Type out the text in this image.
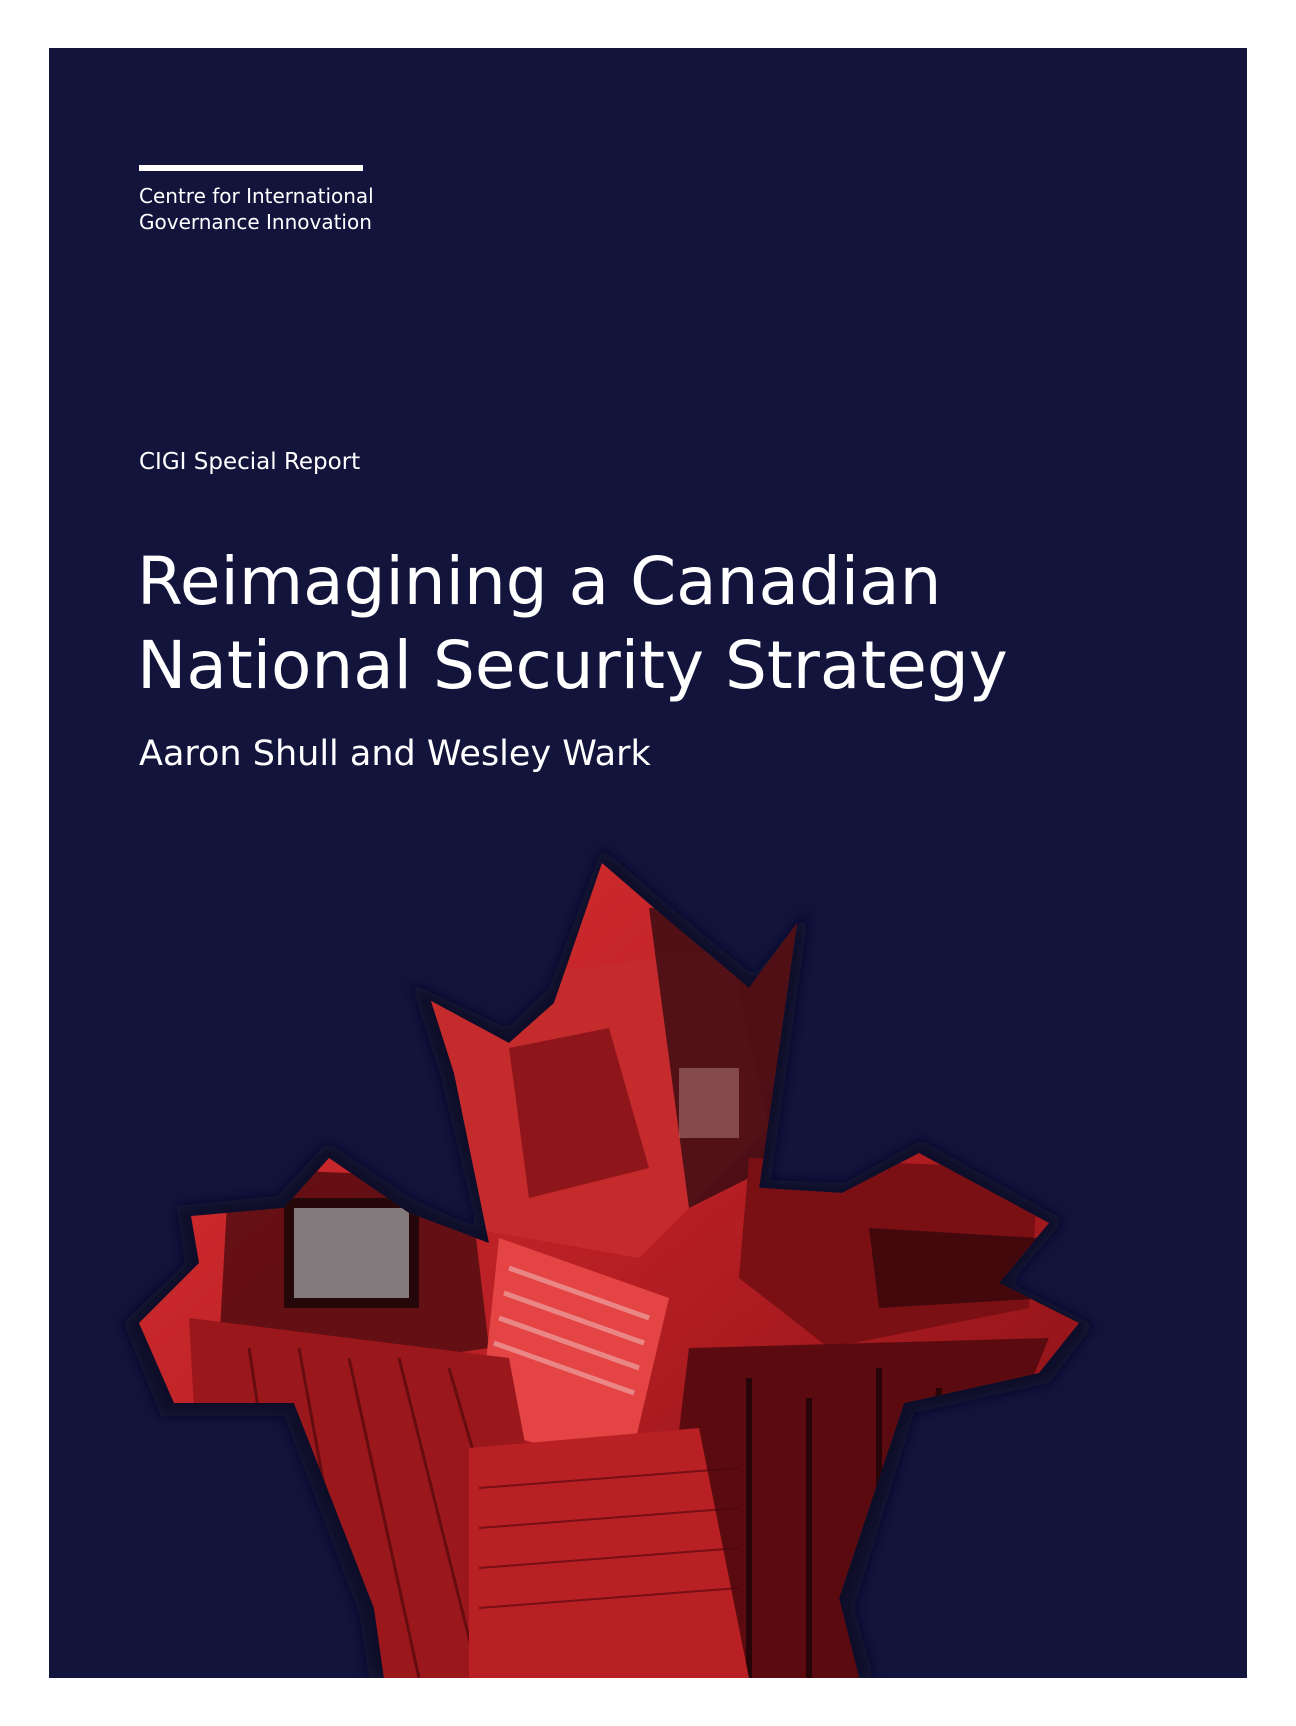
Centre for International
Governance Innovation
CIGI Special Report
Reimagining a Canadian
National Security Strategy
Aaron Shull and Wesley Wark
